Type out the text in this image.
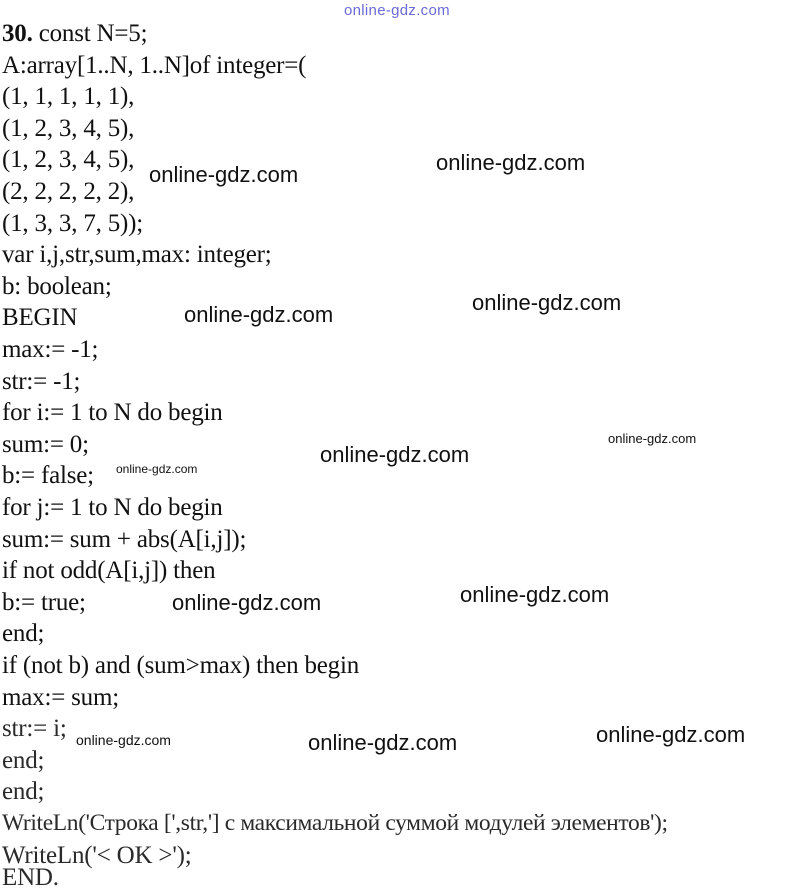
online-gdz.com
30. const N=5;
A:array[1..N, 1..N]of integer=(
(1, 1, 1, 1, 1),
(1, 2, 3, 4, 5),
(1, 2, 3, 4, 5),
(2, 2, 2, 2, 2),
(1, 3, 3, 7, 5));
var i,j,str,sum,max: integer;
b: boolean;
BEGIN
max:= -1;
str:= -1;
for i:= 1 to N do begin
sum:= 0;
b:= false;
for j:= 1 to N do begin
sum:= sum + abs(A[i,j]);
if not odd(A[i,j]) then
b:= true;
end;
if (not b) and (sum>max) then begin
max:= sum;
str:= i;
end;
end;
WriteLn('Строка [',str,'] с максимальной суммой модулей элементов');
WriteLn('< OK >');
END.
online-gdz.com	online-gdz.com
online-gdz.com	online-gdz.com
online-gdz.com
online-gdz.com
online-gdz.com
online-gdz.com	online-gdz.com
online-gdz.com	online-gdz.com	online-gdz.com
